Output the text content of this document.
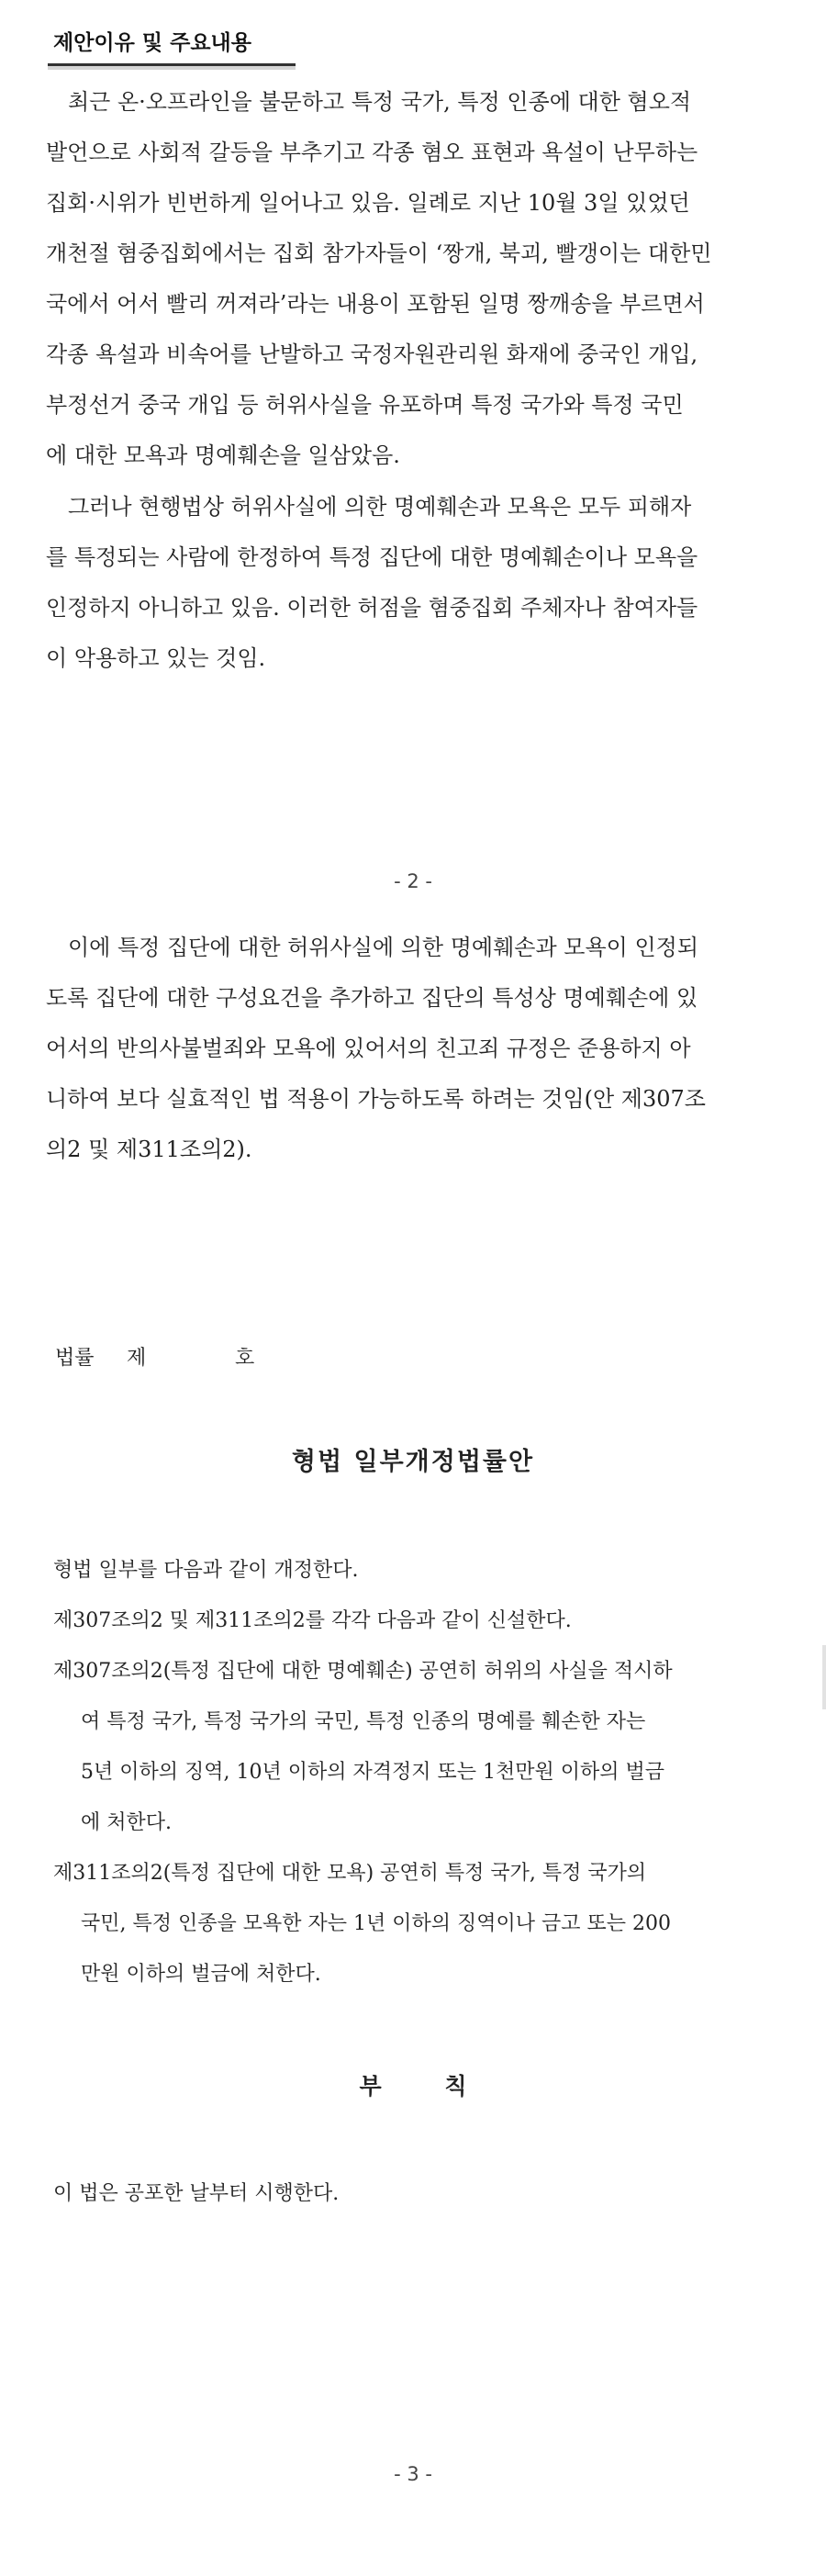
제안이유 및 주요내용
　최근 온·오프라인을 불문하고 특정 국가, 특정 인종에 대한 혐오적
발언으로 사회적 갈등을 부추기고 각종 혐오 표현과 욕설이 난무하는
집회·시위가 빈번하게 일어나고 있음. 일례로 지난 10월 3일 있었던
개천절 혐중집회에서는 집회 참가자들이 ‘짱개, 북괴, 빨갱이는 대한민
국에서 어서 빨리 꺼져라’라는 내용이 포함된 일명 짱깨송을 부르면서
각종 욕설과 비속어를 난발하고 국정자원관리원 화재에 중국인 개입,
부정선거 중국 개입 등 허위사실을 유포하며 특정 국가와 특정 국민
에 대한 모욕과 명예훼손을 일삼았음.
　그러나 현행법상 허위사실에 의한 명예훼손과 모욕은 모두 피해자
를 특정되는 사람에 한정하여 특정 집단에 대한 명예훼손이나 모욕을
인정하지 아니하고 있음. 이러한 허점을 혐중집회 주체자나 참여자들
이 악용하고 있는 것임.
- 2 -
　이에 특정 집단에 대한 허위사실에 의한 명예훼손과 모욕이 인정되
도록 집단에 대한 구성요건을 추가하고 집단의 특성상 명예훼손에 있
어서의 반의사불벌죄와 모욕에 있어서의 친고죄 규정은 준용하지 아
니하여 보다 실효적인 법 적용이 가능하도록 하려는 것임(안 제307조
의2 및 제311조의2).
법률 제	호
형법 일부개정법률안

형법 일부를 다음과 같이 개정한다.

제307조의2 및 제311조의2를 각각 다음과 같이 신설한다.

제307조의2(특정 집단에 대한 명예훼손) 공연히 허위의 사실을 적시하
여 특정 국가, 특정 국가의 국민, 특정 인종의 명예를 훼손한 자는
5년 이하의 징역, 10년 이하의 자격정지 또는 1천만원 이하의 벌금
에 처한다.
제311조의2(특정 집단에 대한 모욕) 공연히 특정 국가, 특정 국가의
국민, 특정 인종을 모욕한 자는 1년 이하의 징역이나 금고 또는 200
만원 이하의 벌금에 처한다.
부 칙
이 법은 공포한 날부터 시행한다.
- 3 -
